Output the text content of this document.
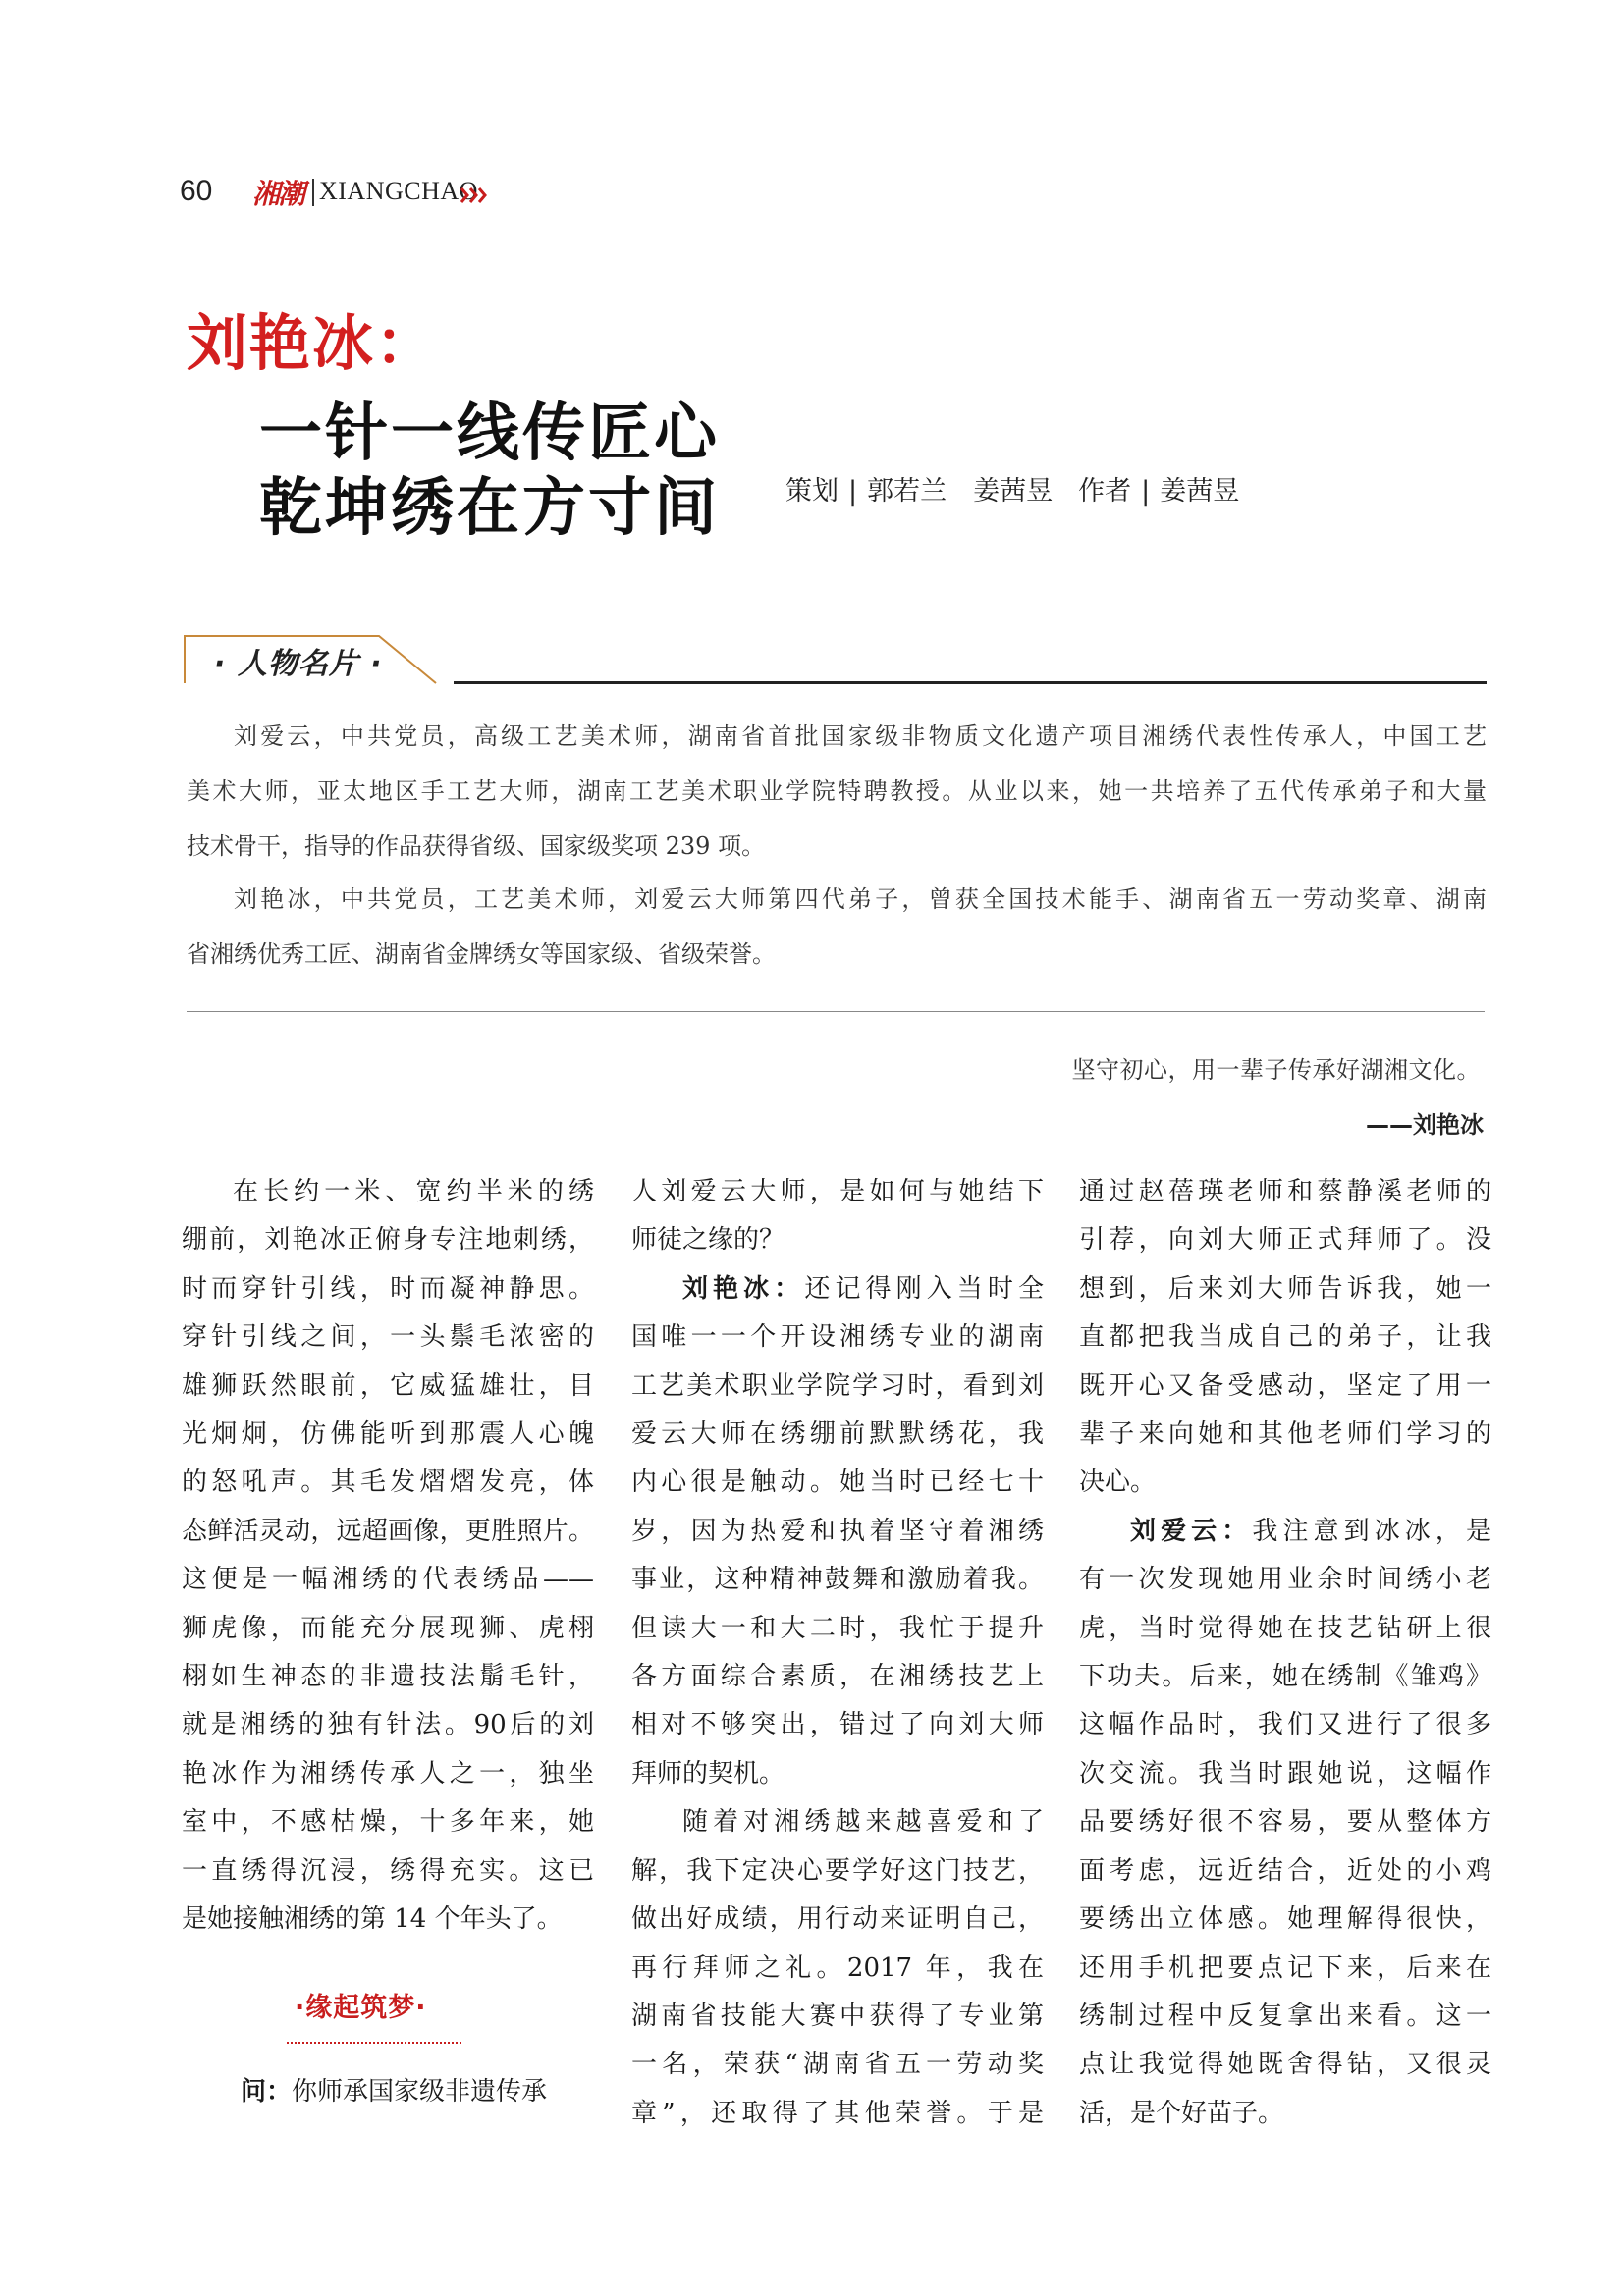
60 湘潮 XIANGCHAO
刘艳冰：
一针一线传匠心
乾坤绣在方寸间 策划 | 郭若兰　姜茜昱 作者 | 姜茜昱
· 人物名片 ·

刘爱云，中共党员，高级工艺美术师，湖南省首批国家级非物质文化遗产项目湘绣代表性传承人，中国工艺

美术大师，亚太地区手工艺大师，湖南工艺美术职业学院特聘教授。从业以来，她一共培养了五代传承弟子和大量

技术骨干，指导的作品获得省级、国家级奖项 239 项。

刘艳冰，中共党员，工艺美术师，刘爱云大师第四代弟子，曾获全国技术能手、湖南省五一劳动奖章、湖南

省湘绣优秀工匠、湖南省金牌绣女等国家级、省级荣誉。

坚守初心，用一辈子传承好湖湘文化。
——刘艳冰

在长约一米、宽约半米的绣

绷前，刘艳冰正俯身专注地刺绣，

时而穿针引线，时而凝神静思。

穿针引线之间，一头鬃毛浓密的

雄狮跃然眼前，它威猛雄壮，目

光炯炯，仿佛能听到那震人心魄

的怒吼声。其毛发熠熠发亮，体

态鲜活灵动，远超画像，更胜照片。

这便是一幅湘绣的代表绣品——

狮虎像，而能充分展现狮、虎栩

栩如生神态的非遗技法鬅毛针，

就是湘绣的独有针法。90后的刘

艳冰作为湘绣传承人之一，独坐

室中，不感枯燥，十多年来，她

一直绣得沉浸，绣得充实。这已

是她接触湘绣的第 14 个年头了。

·缘起筑梦·

问：你师承国家级非遗传承

人刘爱云大师，是如何与她结下

师徒之缘的？

刘艳冰：还记得刚入当时全

国唯一一个开设湘绣专业的湖南

工艺美术职业学院学习时，看到刘

爱云大师在绣绷前默默绣花，我

内心很是触动。她当时已经七十

岁，因为热爱和执着坚守着湘绣

事业，这种精神鼓舞和激励着我。

但读大一和大二时，我忙于提升

各方面综合素质，在湘绣技艺上

相对不够突出，错过了向刘大师

拜师的契机。

随着对湘绣越来越喜爱和了

解，我下定决心要学好这门技艺，

做出好成绩，用行动来证明自己，

再行拜师之礼。2017 年，我在

湖南省技能大赛中获得了专业第

一名，荣获“湖南省五一劳动奖

章”，还取得了其他荣誉。于是

通过赵蓓瑛老师和蔡静溪老师的

引荐，向刘大师正式拜师了。没

想到，后来刘大师告诉我，她一

直都把我当成自己的弟子，让我

既开心又备受感动，坚定了用一

辈子来向她和其他老师们学习的

决心。

刘爱云：我注意到冰冰，是

有一次发现她用业余时间绣小老

虎，当时觉得她在技艺钻研上很

下功夫。后来，她在绣制《雏鸡》

这幅作品时，我们又进行了很多

次交流。我当时跟她说，这幅作

品要绣好很不容易，要从整体方

面考虑，远近结合，近处的小鸡

要绣出立体感。她理解得很快，

还用手机把要点记下来，后来在

绣制过程中反复拿出来看。这一

点让我觉得她既舍得钻，又很灵

活，是个好苗子。
